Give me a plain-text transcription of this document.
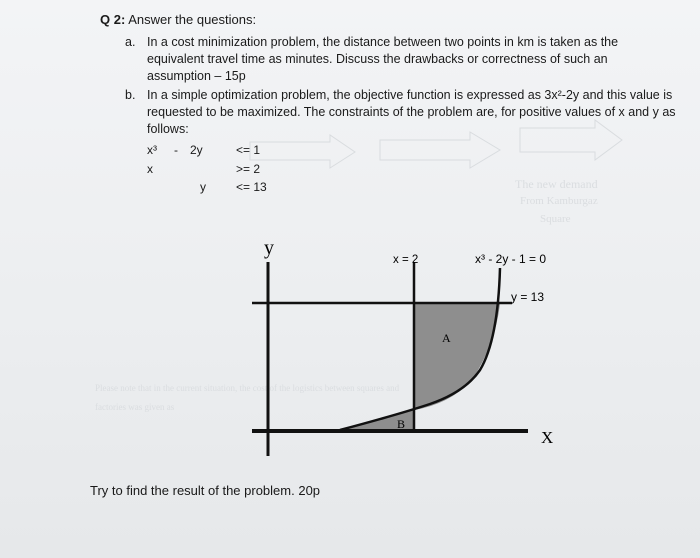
The new demand
From Kamburgaz
Square
Please note that in the current situation, the cost of the logistics between squares and
factories was given as
Q 2: Answer the questions:
a. In a cost minimization problem, the distance between two points in km is taken as the equivalent travel time as minutes. Discuss the drawbacks or correctness of such an assumption – 15p
b. In a simple optimization problem, the objective function is expressed as 3x²-2y and this value is requested to be maximized. The constraints of the problem are, for positive values of x and y as follows:
x³ - 2y	<= 1
x	>= 2
y	<= 13
y
X
x = 2	x³ - 2y - 1 = 0
y = 13
A
B
Try to find the result of the problem. 20p
